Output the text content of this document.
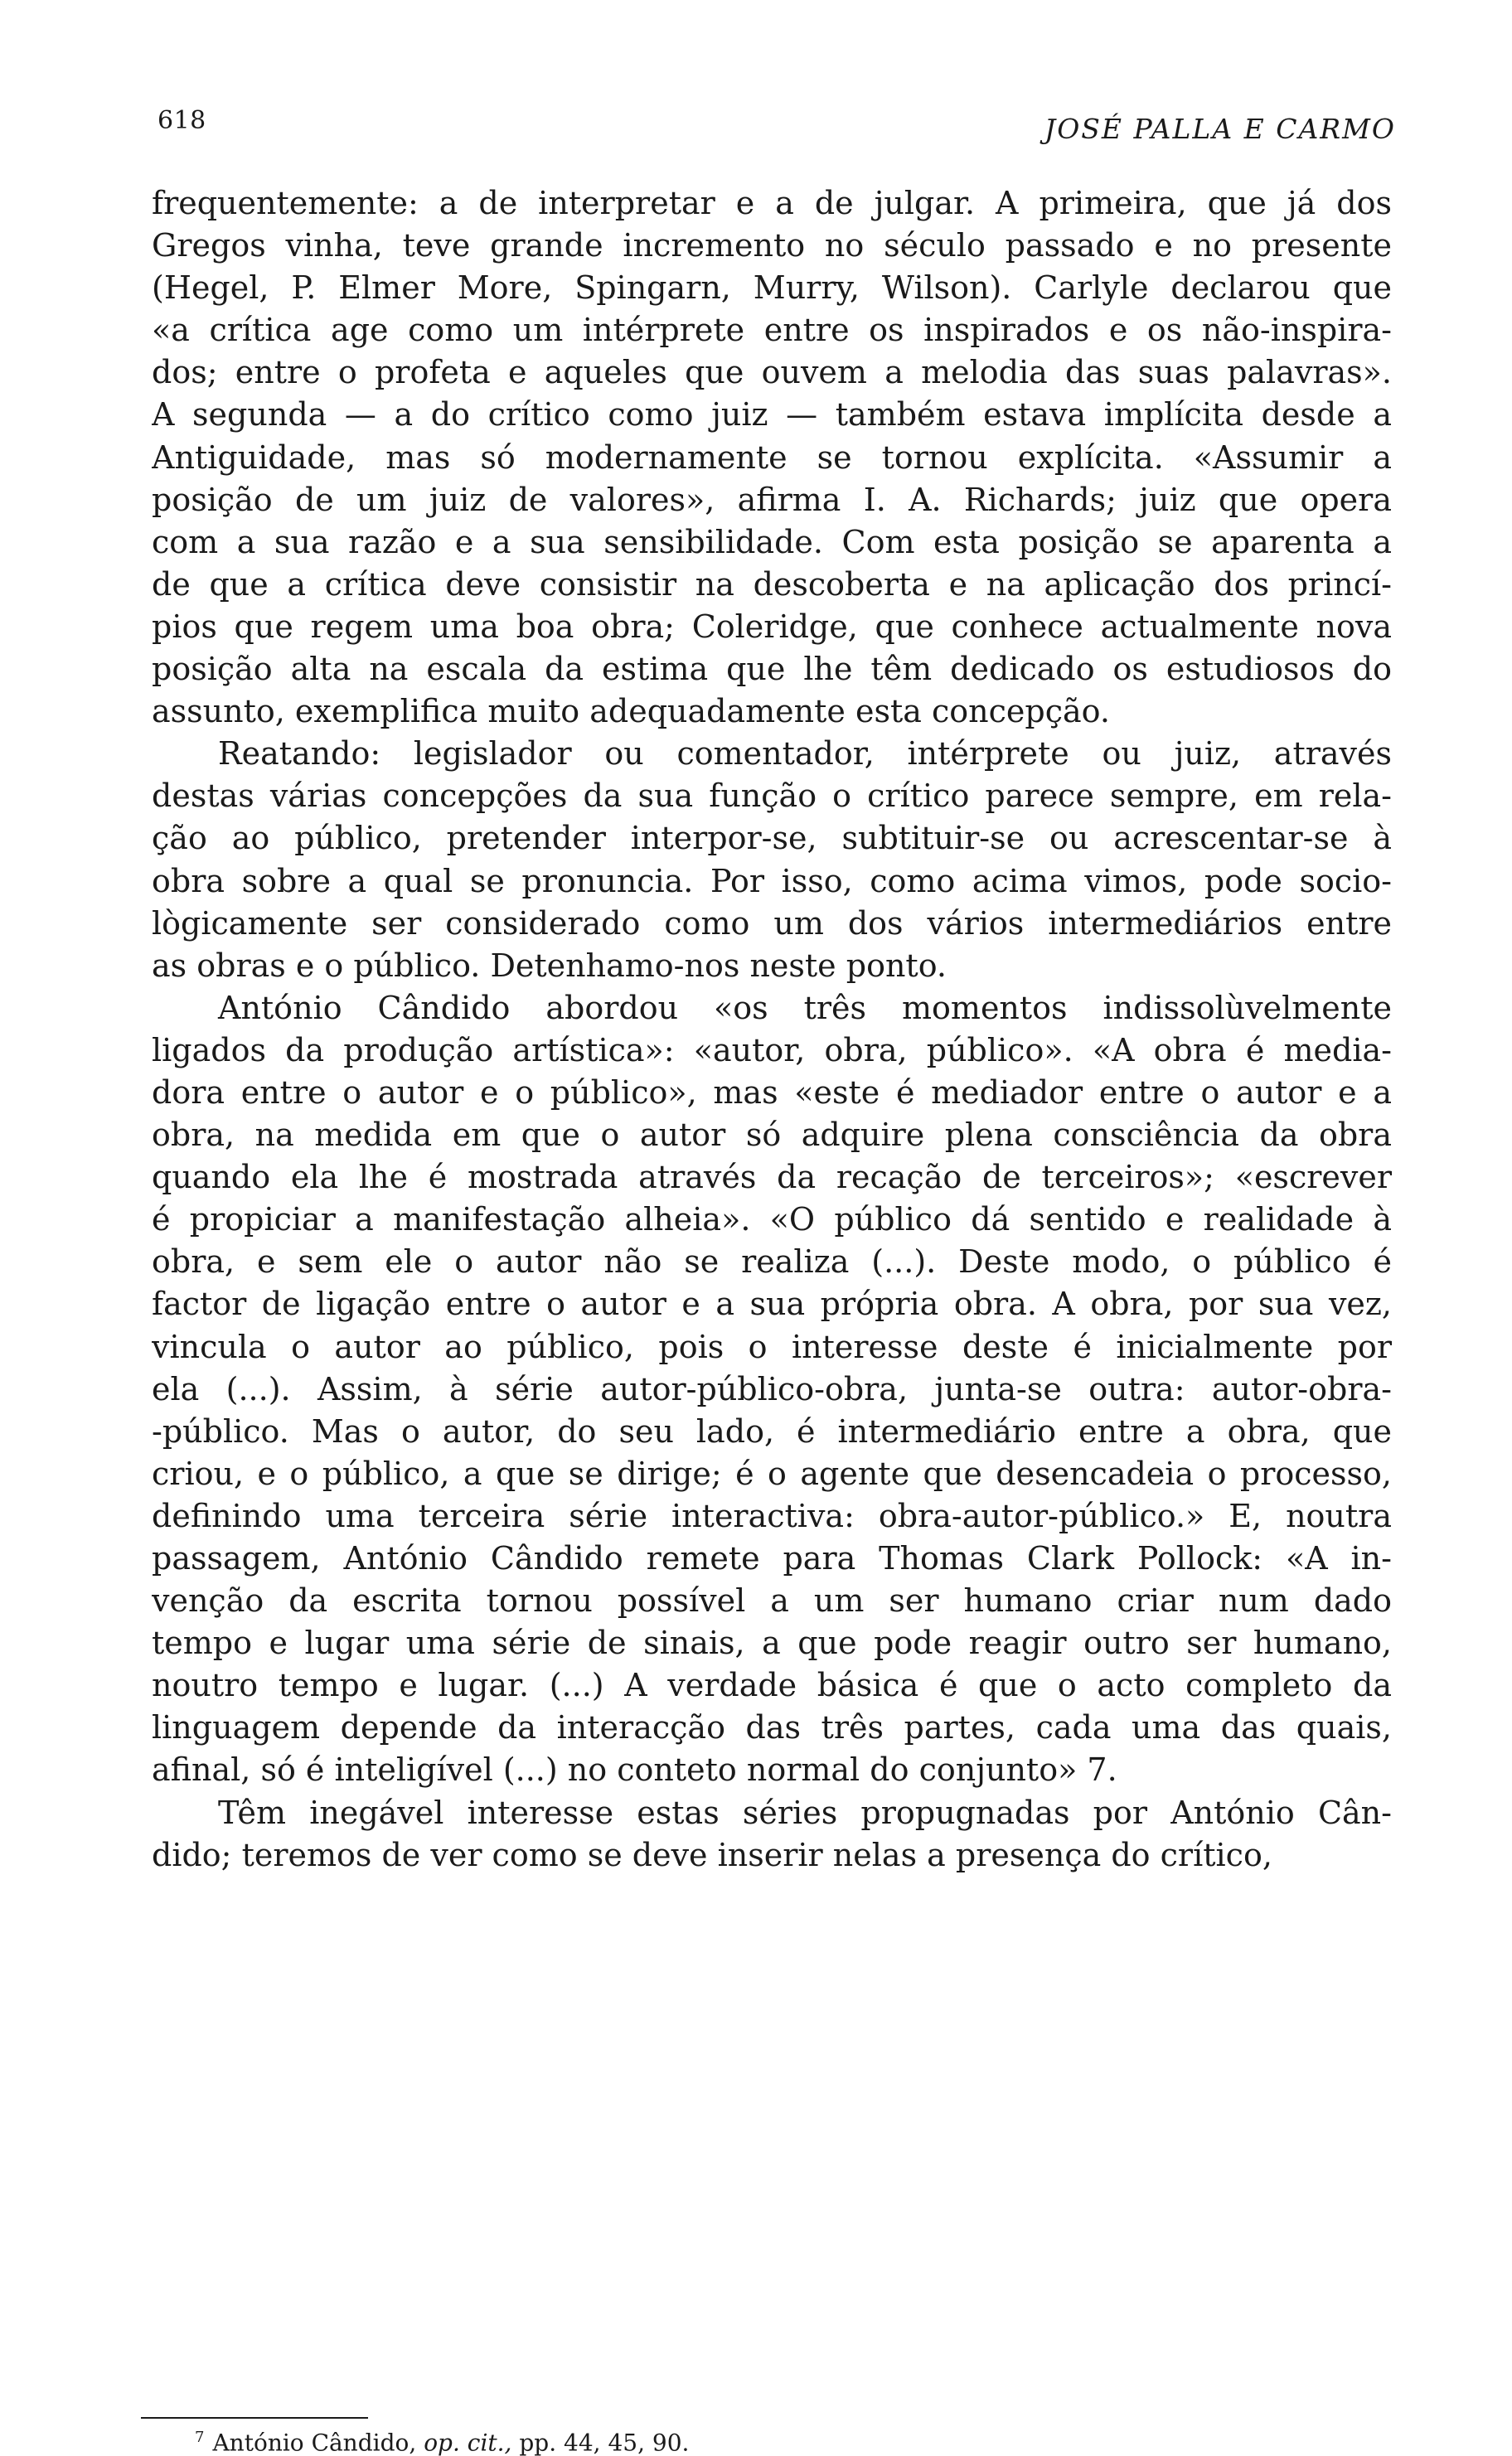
618	JOSÉ PALLA E CARMO
frequentemente: a de interpretar e a de julgar. A primeira, que já dos
Gregos vinha, teve grande incremento no século passado e no presente
(Hegel, P. Elmer More, Spingarn, Murry, Wilson). Carlyle declarou que
«a crítica age como um intérprete entre os inspirados e os não-inspira-
dos; entre o profeta e aqueles que ouvem a melodia das suas palavras».
A segunda — a do crítico como juiz — também estava implícita desde a
Antiguidade, mas só modernamente se tornou explícita. «Assumir a
posição de um juiz de valores», afirma I. A. Richards; juiz que opera
com a sua razão e a sua sensibilidade. Com esta posição se aparenta a
de que a crítica deve consistir na descoberta e na aplicação dos princí-
pios que regem uma boa obra; Coleridge, que conhece actualmente nova
posição alta na escala da estima que lhe têm dedicado os estudiosos do
assunto, exemplifica muito adequadamente esta concepção.
Reatando: legislador ou comentador, intérprete ou juiz, através
destas várias concepções da sua função o crítico parece sempre, em rela-
ção ao público, pretender interpor-se, subtituir-se ou acrescentar-se à
obra sobre a qual se pronuncia. Por isso, como acima vimos, pode socio-
lògicamente ser considerado como um dos vários intermediários entre
as obras e o público. Detenhamo-nos neste ponto.
António Cândido abordou «os três momentos indissolùvelmente
ligados da produção artística»: «autor, obra, público». «A obra é media-
dora entre o autor e o público», mas «este é mediador entre o autor e a
obra, na medida em que o autor só adquire plena consciência da obra
quando ela lhe é mostrada através da recação de terceiros»; «escrever
é propiciar a manifestação alheia». «O público dá sentido e realidade à
obra, e sem ele o autor não se realiza (...). Deste modo, o público é
factor de ligação entre o autor e a sua própria obra. A obra, por sua vez,
vincula o autor ao público, pois o interesse deste é inicialmente por
ela (...). Assim, à série autor-público-obra, junta-se outra: autor-obra-
-público. Mas o autor, do seu lado, é intermediário entre a obra, que
criou, e o público, a que se dirige; é o agente que desencadeia o processo,
definindo uma terceira série interactiva: obra-autor-público.» E, noutra
passagem, António Cândido remete para Thomas Clark Pollock: «A in-
venção da escrita tornou possível a um ser humano criar num dado
tempo e lugar uma série de sinais, a que pode reagir outro ser humano,
noutro tempo e lugar. (...) A verdade básica é que o acto completo da
linguagem depende da interacção das três partes, cada uma das quais,
afinal, só é inteligível (...) no conteto normal do conjunto» 7.
Têm inegável interesse estas séries propugnadas por António Cân-
dido; teremos de ver como se deve inserir nelas a presença do crítico,
$^7$ António Cândido, op. cit., pp. 44, 45, 90.
